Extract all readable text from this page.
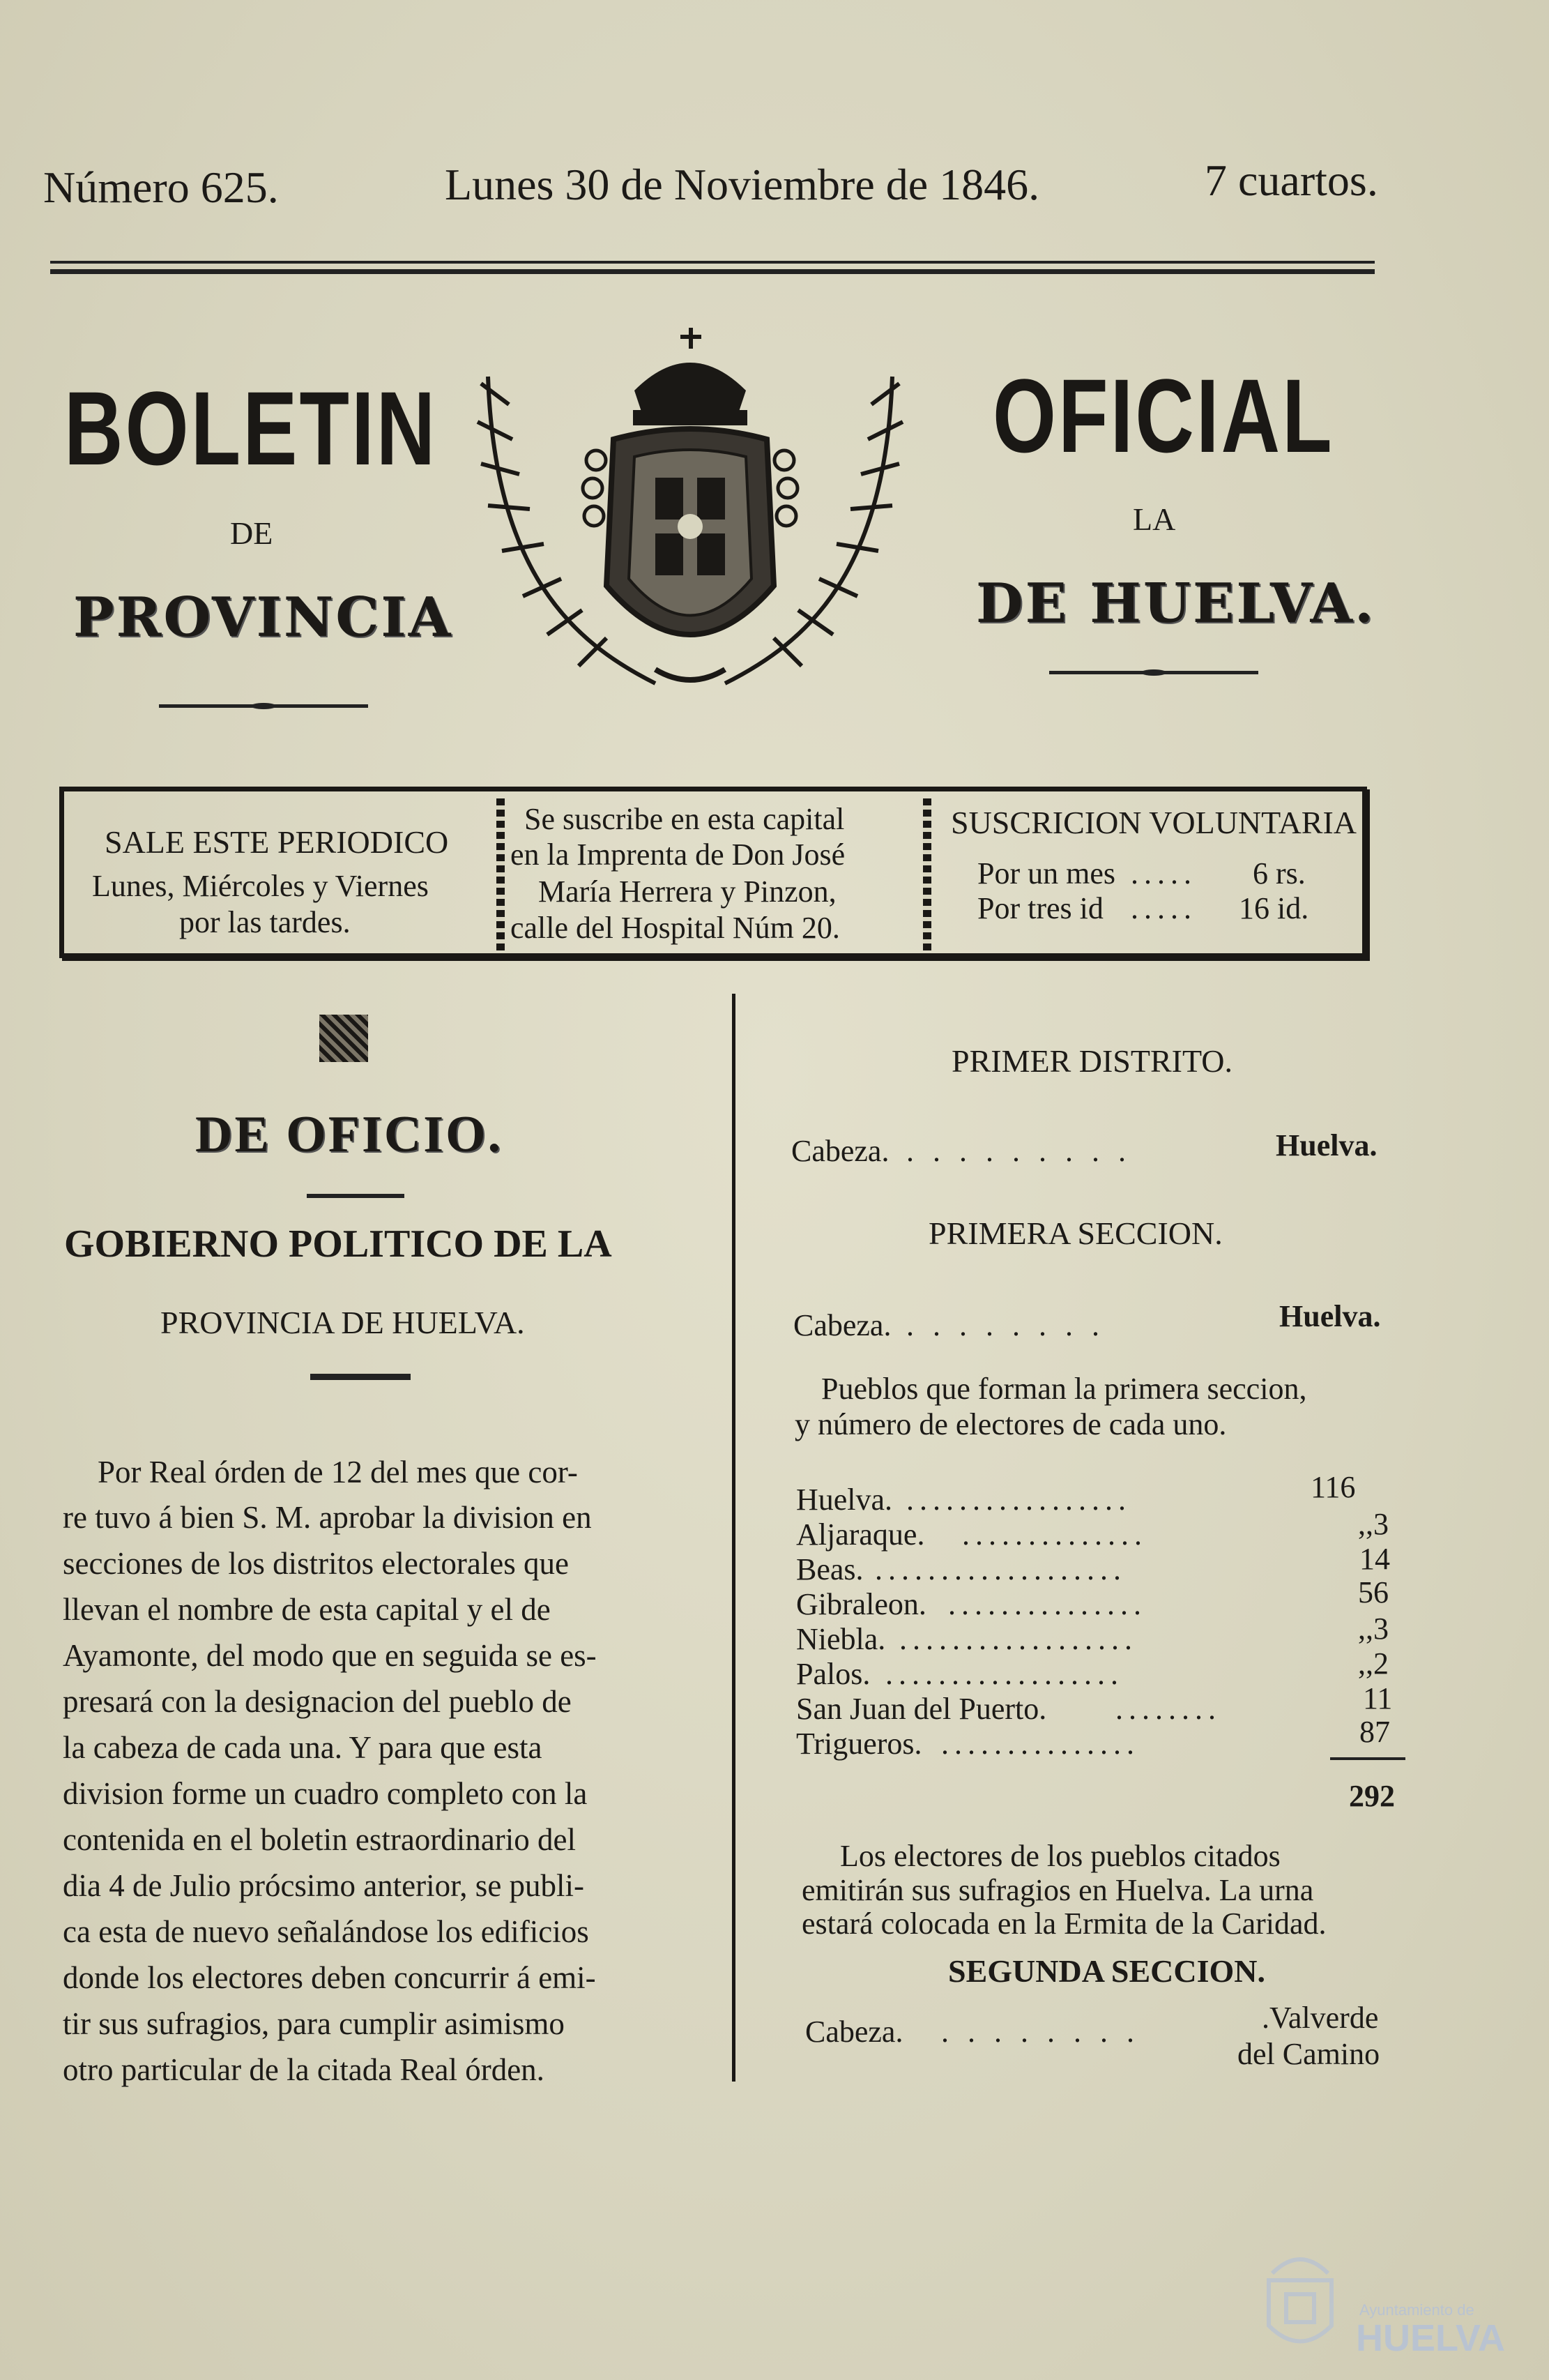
Número 625.	Lunes 30 de Noviembre de 1846.	7 cuartos.
BOLETIN	OFICIAL
DE	LA
PROVINCIA	DE HUELVA.
SALE ESTE PERIODICO
Lunes, Miércoles y Viernes
por las tardes.
Se suscribe en esta capital
en la Imprenta de Don José
María Herrera y Pinzon,
calle del Hospital Núm 20.
SUSCRICION VOLUNTARIA
Por un mes .....	6 rs.
Por tres id .....	16 id.
DE OFICIO.
GOBIERNO POLITICO DE LA
PROVINCIA DE HUELVA.
Por Real órden de 12 del mes que cor-
re tuvo á bien S. M. aprobar la division en
secciones de los distritos electorales que
llevan el nombre de esta capital y el de
Ayamonte, del modo que en seguida se es-
presará con la designacion del pueblo de
la cabeza de cada una. Y para que esta
division forme un cuadro completo con la
contenida en el boletin estraordinario del
dia 4 de Julio prócsimo anterior, se publi-
ca esta de nuevo señalándose los edificios
donde los electores deben concurrir á emi-
tir sus sufragios, para cumplir asimismo
otro particular de la citada Real órden.
PRIMER DISTRITO.
Cabeza. . . . . . . . . .	Huelva.
PRIMERA SECCION.
Cabeza. . . . . . . . .	Huelva.
Pueblos que forman la primera seccion,
y número de electores de cada uno.
Huelva. .................	116
Aljaraque. ..............	,,3
Beas. ...................	14
Gibraleon. ...............	56
Niebla. ..................	,,3
Palos. ..................	,,2
San Juan del Puerto. ........	11
Trigueros. ...............	87
292
Los electores de los pueblos citados
emitirán sus sufragios en Huelva. La urna
estará colocada en la Ermita de la Caridad.
SEGUNDA SECCION.
Cabeza. . . . . . . . .	.Valverde
del Camino
Ayuntamiento de
HUELVA
